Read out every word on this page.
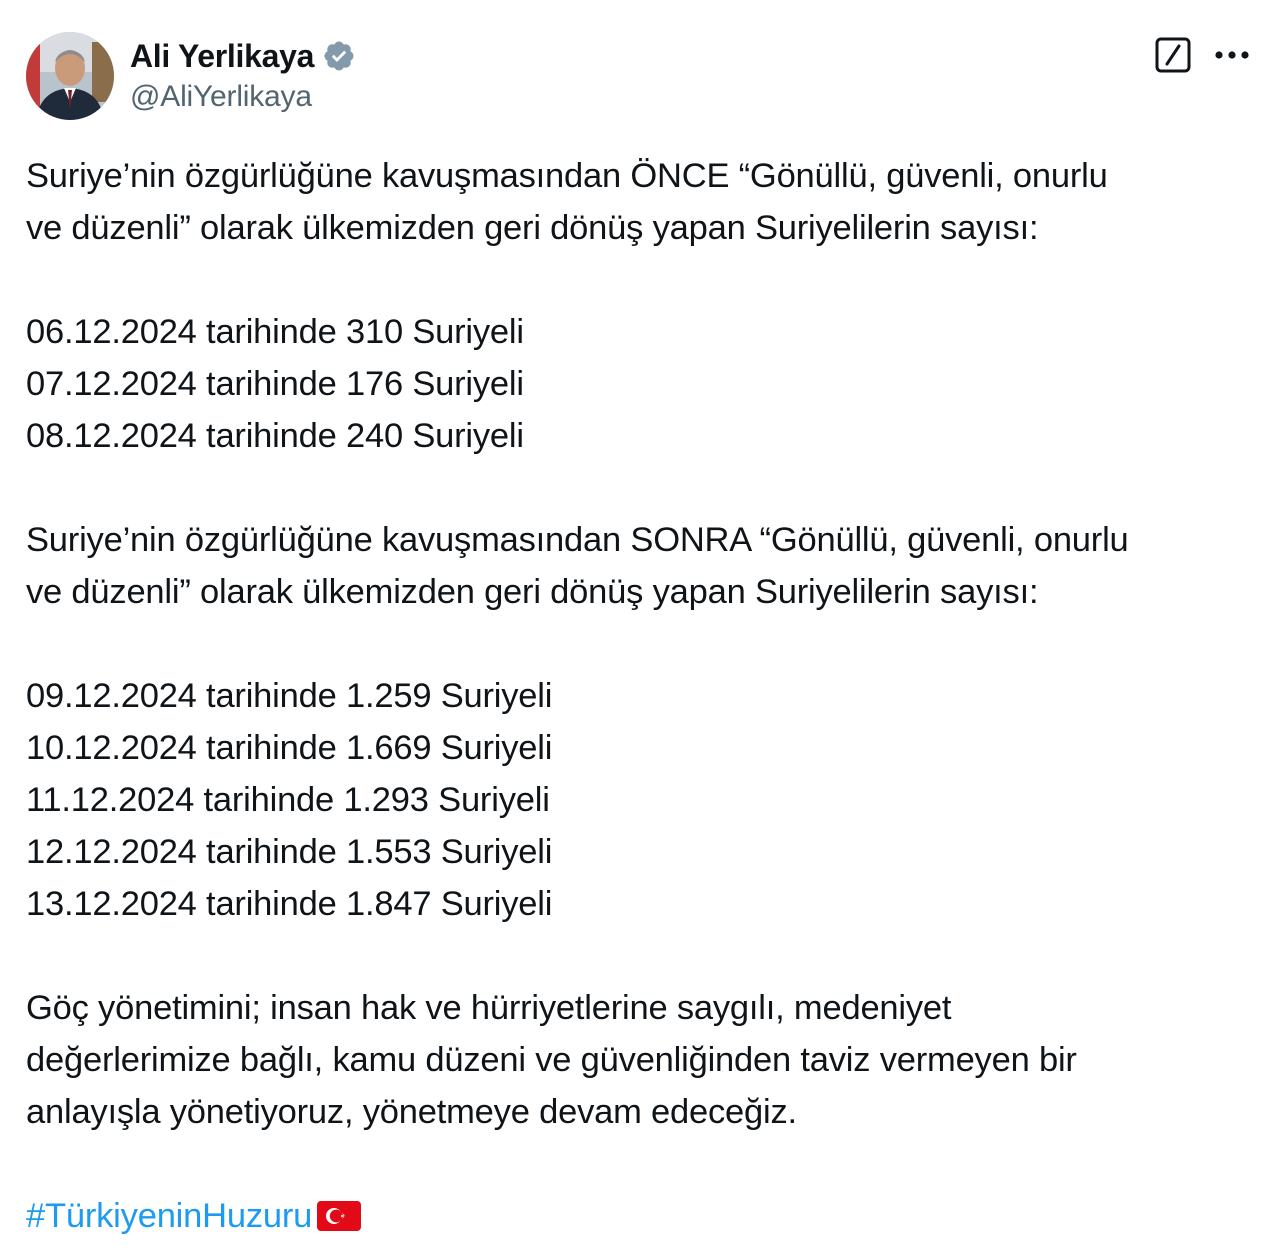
Ali Yerlikaya
@AliYerlikaya
Suriye’nin özgürlüğüne kavuşmasından ÖNCE “Gönüllü, güvenli, onurlu
ve düzenli” olarak ülkemizden geri dönüş yapan Suriyelilerin sayısı:
06.12.2024 tarihinde 310 Suriyeli
07.12.2024 tarihinde 176 Suriyeli
08.12.2024 tarihinde 240 Suriyeli
Suriye’nin özgürlüğüne kavuşmasından SONRA “Gönüllü, güvenli, onurlu
ve düzenli” olarak ülkemizden geri dönüş yapan Suriyelilerin sayısı:
09.12.2024 tarihinde 1.259 Suriyeli
10.12.2024 tarihinde 1.669 Suriyeli
11.12.2024 tarihinde 1.293 Suriyeli
12.12.2024 tarihinde 1.553 Suriyeli
13.12.2024 tarihinde 1.847 Suriyeli
Göç yönetimini; insan hak ve hürriyetlerine saygılı, medeniyet
değerlerimize bağlı, kamu düzeni ve güvenliğinden taviz vermeyen bir
anlayışla yönetiyoruz, yönetmeye devam edeceğiz.
#TürkiyeninHuzuru
